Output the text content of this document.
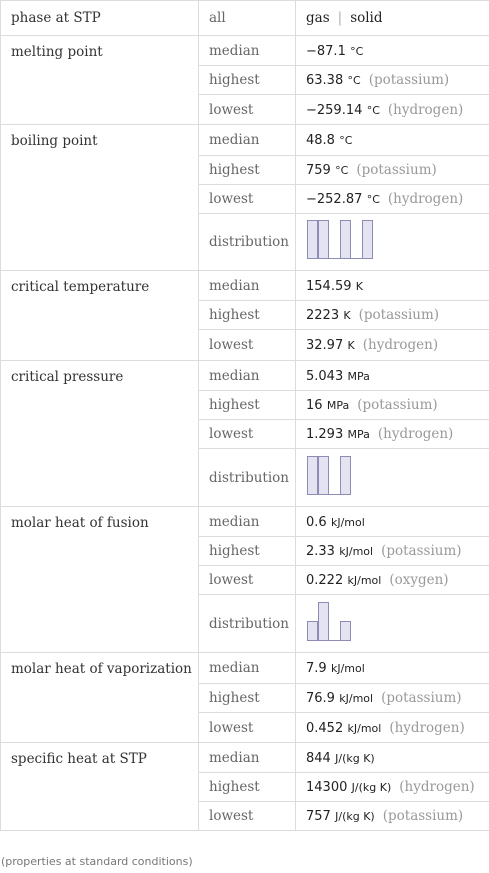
phase at STP	all	gas | solid
melting point	median	−87.1 °C
	highest	63.38 °C (potassium)
	lowest	−259.14 °C (hydrogen)
boiling point	median	48.8 °C
	highest	759 °C (potassium)
	lowest	−252.87 °C (hydrogen)
	distribution	
critical temperature	median	154.59 K
	highest	2223 K (potassium)
	lowest	32.97 K (hydrogen)
critical pressure	median	5.043 MPa
	highest	16 MPa (potassium)
	lowest	1.293 MPa (hydrogen)
	distribution	
molar heat of fusion	median	0.6 kJ/mol
	highest	2.33 kJ/mol (potassium)
	lowest	0.222 kJ/mol (oxygen)
	distribution	
molar heat of vaporization	median	7.9 kJ/mol
	highest	76.9 kJ/mol (potassium)
	lowest	0.452 kJ/mol (hydrogen)
specific heat at STP	median	844 J/(kg K)
	highest	14300 J/(kg K) (hydrogen)
	lowest	757 J/(kg K) (potassium)
(properties at standard conditions)
